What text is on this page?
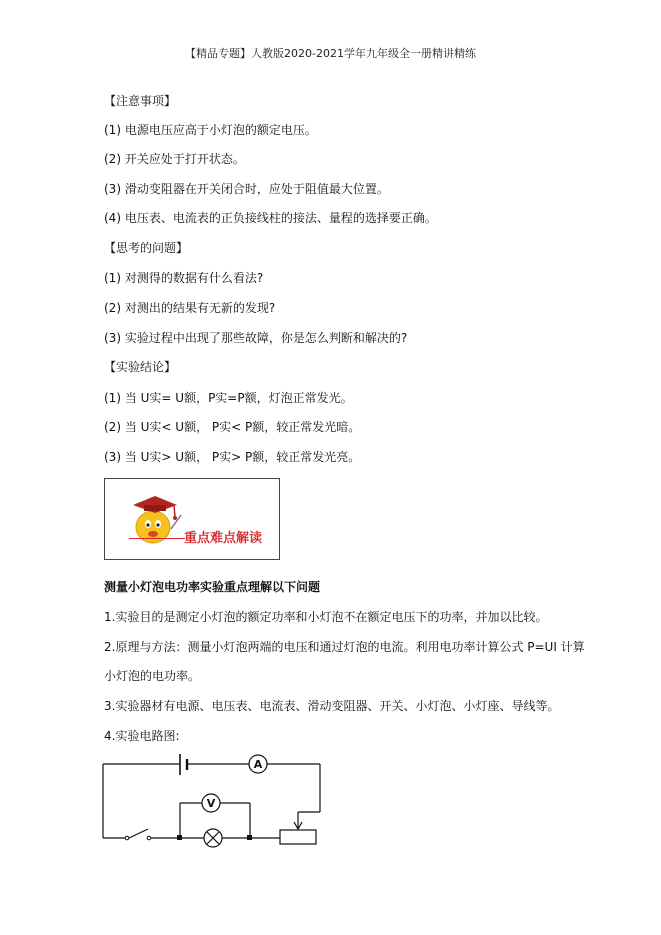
【精品专题】人教版2020-2021学年九年级全一册精讲精练
【注意事项】
(1) 电源电压应高于小灯泡的额定电压。
(2) 开关应处于打开状态。
(3) 滑动变阻器在开关闭合时，应处于阻值最大位置。
(4) 电压表、电流表的正负接线柱的接法、量程的选择要正确。
【思考的问题】
(1) 对测得的数据有什么看法?
(2) 对测出的结果有无新的发现?
(3) 实验过程中出现了那些故障，你是怎么判断和解决的?
【实验结论】
(1) 当 U实= U额，P实=P额，灯泡正常发光。
(2) 当 U实< U额， P实< P额，较正常发光暗。
(3) 当 U实> U额， P实> P额，较正常发光亮。
重点难点解读
测量小灯泡电功率实验重点理解以下问题
1.实验目的是测定小灯泡的额定功率和小灯泡不在额定电压下的功率，并加以比较。
2.原理与方法：测量小灯泡两端的电压和通过灯泡的电流。利用电功率计算公式 P=UI 计算
小灯泡的电功率。
3.实验器材有电源、电压表、电流表、滑动变阻器、开关、小灯泡、小灯座、导线等。
4.实验电路图:
A
V
